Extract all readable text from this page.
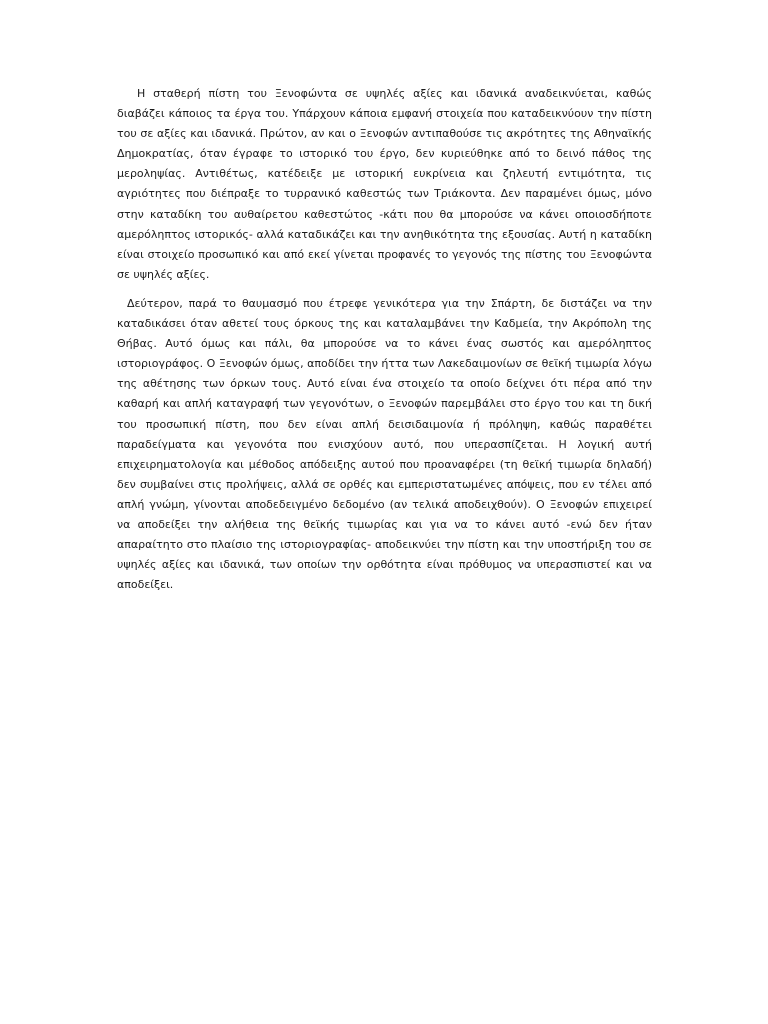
Η σταθερή πίστη του Ξενοφώντα σε υψηλές αξίες και ιδανικά αναδεικνύεται, καθώς διαβάζει κάποιος τα έργα του. Υπάρχουν κάποια εμφανή στοιχεία που καταδεικνύουν την πίστη του σε αξίες και ιδανικά. Πρώτον, αν και ο Ξενοφών αντιπαθούσε τις ακρότητες της Αθηναϊκής Δημοκρατίας, όταν έγραφε το ιστορικό του έργο, δεν κυριεύθηκε από το δεινό πάθος της μεροληψίας. Αντιθέτως, κατέδειξε με ιστορική ευκρίνεια και ζηλευτή εντιμότητα, τις αγριότητες που διέπραξε το τυρρανικό καθεστώς των Τριάκοντα. Δεν παραμένει όμως, μόνο στην καταδίκη του αυθαίρετου καθεστώτος -κάτι που θα μπορούσε να κάνει οποιοσδήποτε αμερόληπτος ιστορικός- αλλά καταδικάζει και την ανηθικότητα της εξουσίας. Αυτή η καταδίκη είναι στοιχείο προσωπικό και από εκεί γίνεται προφανές το γεγονός της πίστης του Ξενοφώντα σε υψηλές αξίες.

Δεύτερον, παρά το θαυμασμό που έτρεφε γενικότερα για την Σπάρτη, δε διστάζει να την καταδικάσει όταν αθετεί τους όρκους της και καταλαμβάνει την Καδμεία, την Ακρόπολη της Θήβας. Αυτό όμως και πάλι, θα μπορούσε να το κάνει ένας σωστός και αμερόληπτος ιστοριογράφος. Ο Ξενοφών όμως, αποδίδει την ήττα των Λακεδαιμονίων σε θεϊκή τιμωρία λόγω της αθέτησης των όρκων τους. Αυτό είναι ένα στοιχείο τα οποίο δείχνει ότι πέρα από την καθαρή και απλή καταγραφή των γεγονότων, ο Ξενοφών παρεμβάλει στο έργο του και τη δική του προσωπική πίστη, που δεν είναι απλή δεισιδαιμονία ή πρόληψη, καθώς παραθέτει παραδείγματα και γεγονότα που ενισχύουν αυτό, που υπερασπίζεται. Η λογική αυτή επιχειρηματολογία και μέθοδος απόδειξης αυτού που προαναφέρει (τη θεϊκή τιμωρία δηλαδή) δεν συμβαίνει στις προλήψεις, αλλά σε ορθές και εμπεριστατωμένες απόψεις, που εν τέλει από απλή γνώμη, γίνονται αποδεδειγμένο δεδομένο (αν τελικά αποδειχθούν). Ο Ξενοφών επιχειρεί να αποδείξει την αλήθεια της θεϊκής τιμωρίας και για να το κάνει αυτό -ενώ δεν ήταν απαραίτητο στο πλαίσιο της ιστοριογραφίας- αποδεικνύει την πίστη και την υποστήριξη του σε υψηλές αξίες και ιδανικά, των οποίων την ορθότητα είναι πρόθυμος να υπερασπιστεί και να αποδείξει.
